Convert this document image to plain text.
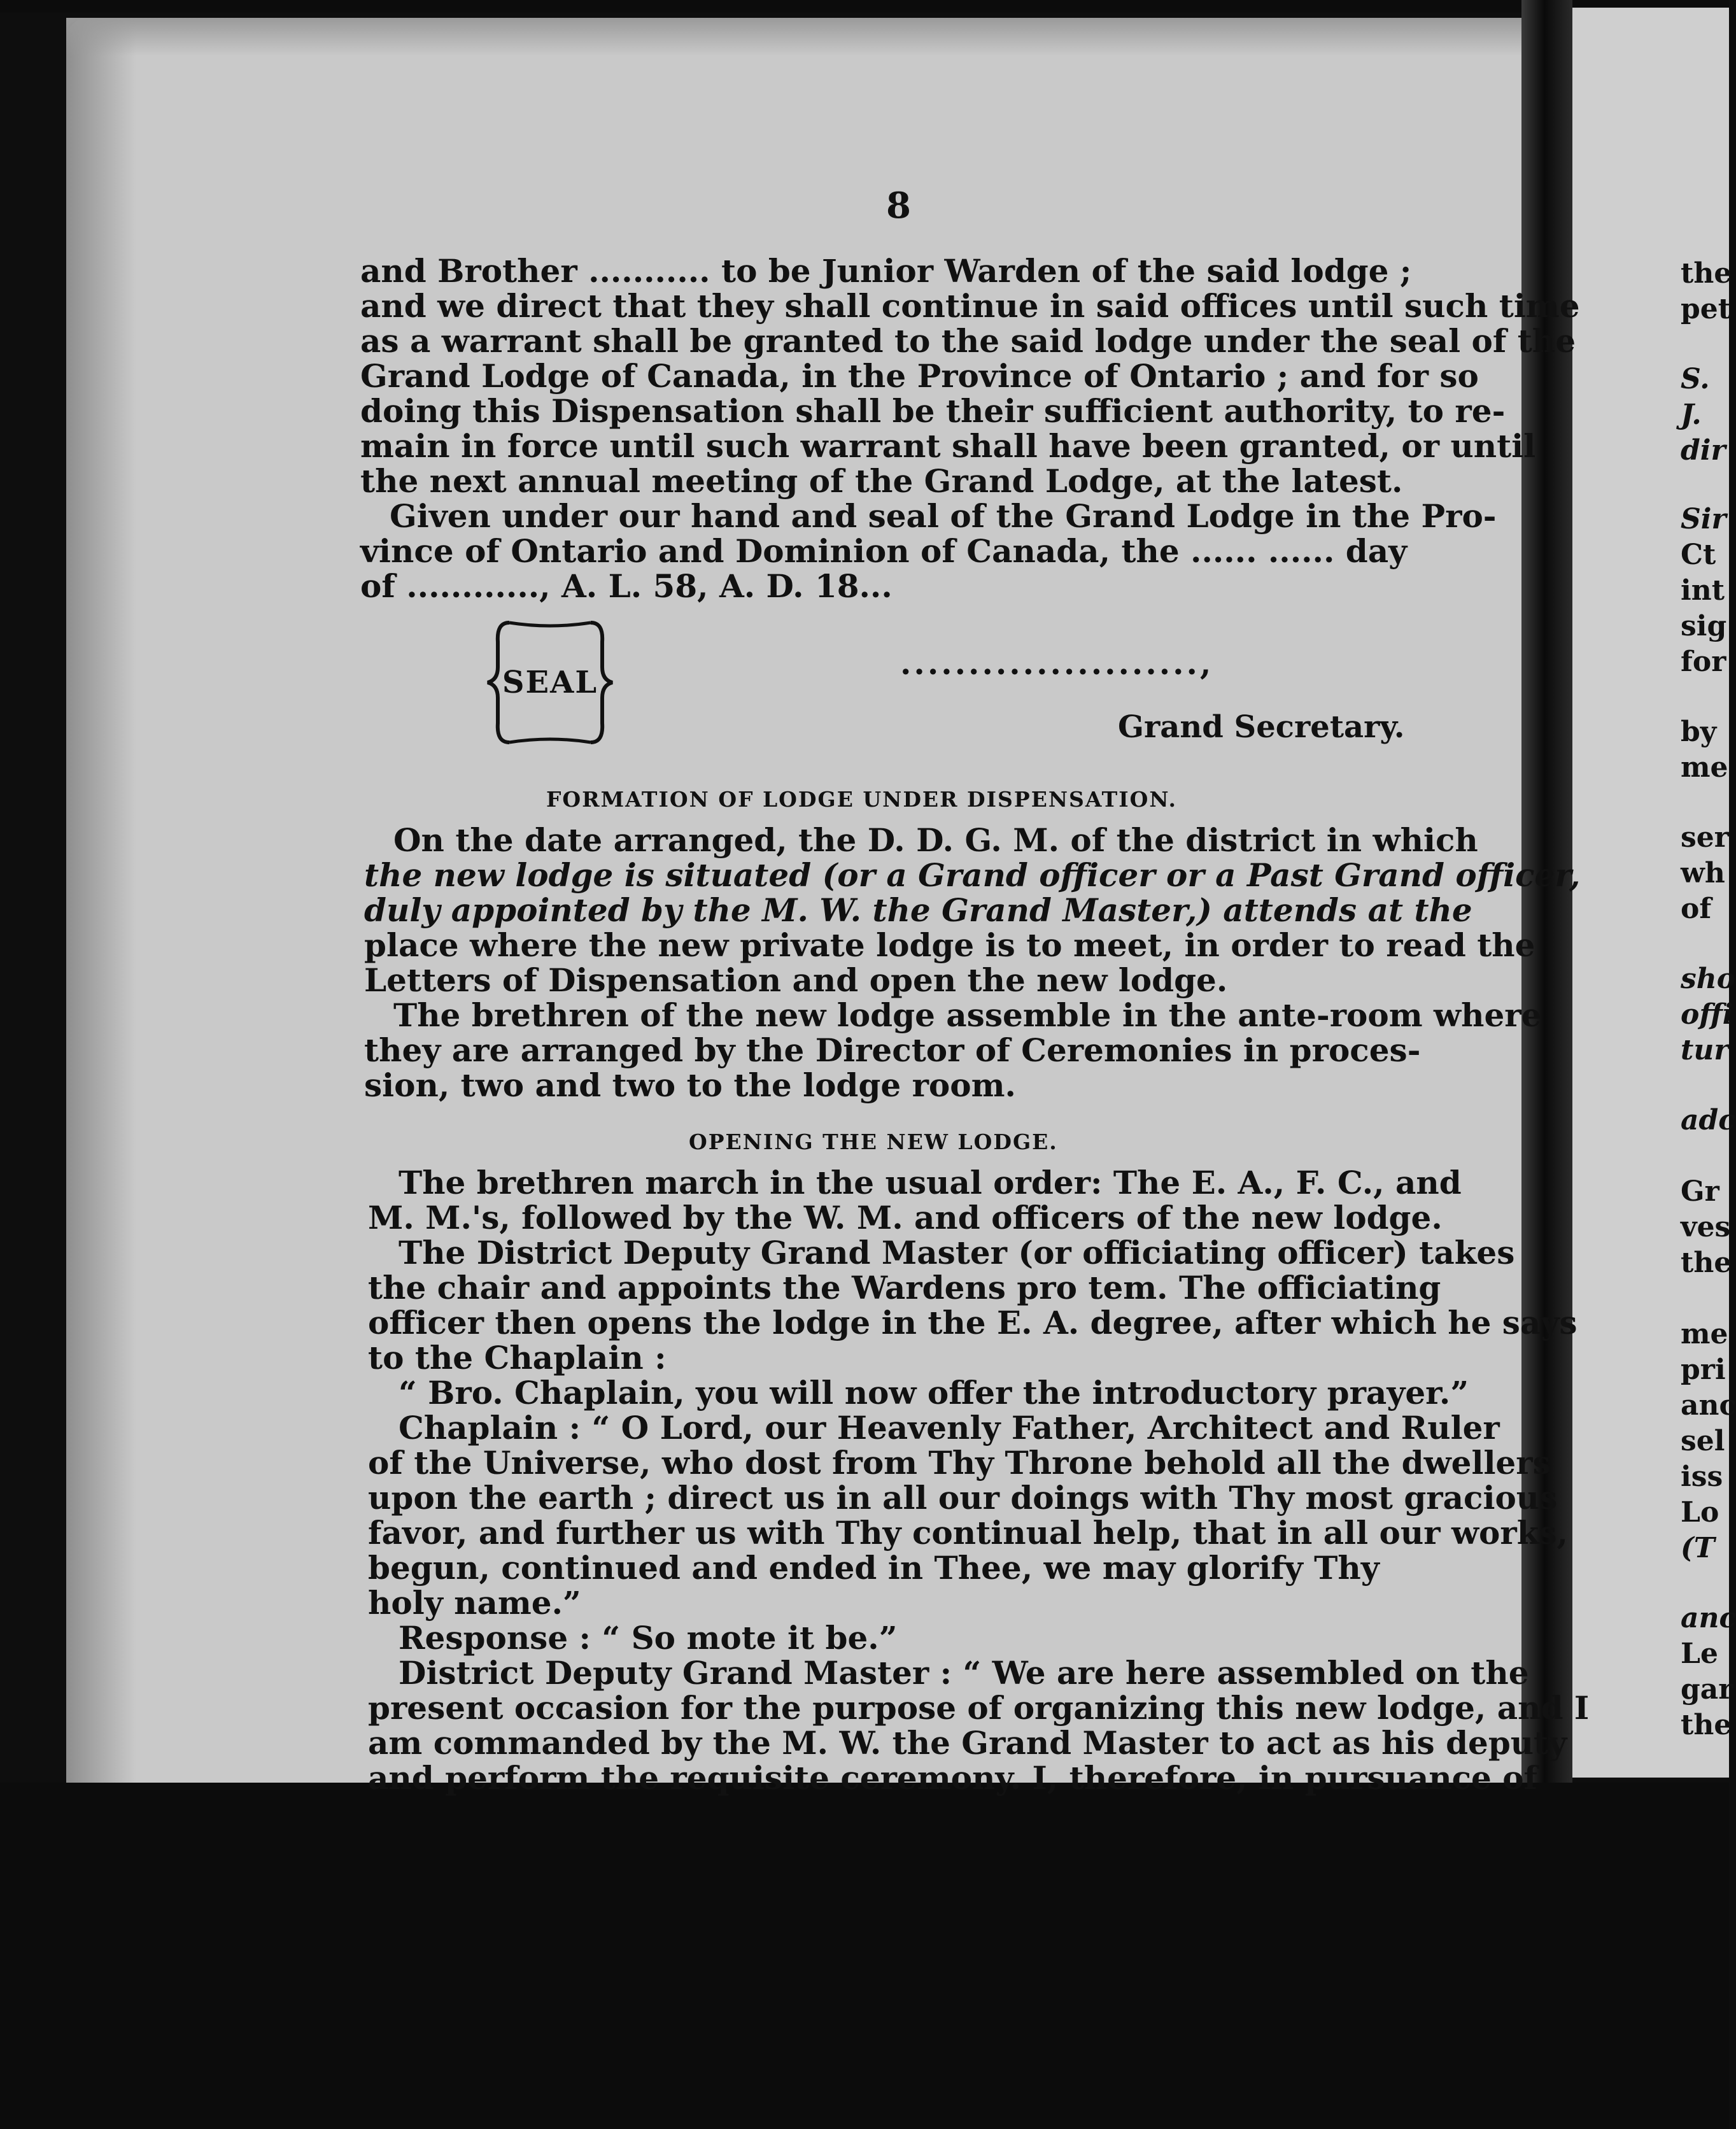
8
and Brother ........... to be Junior Warden of the said lodge ;
and we direct that they shall continue in said offices until such time
as a warrant shall be granted to the said lodge under the seal of the
Grand Lodge of Canada, in the Province of Ontario ; and for so
doing this Dispensation shall be their sufficient authority, to re-
main in force until such warrant shall have been granted, or until
the next annual meeting of the Grand Lodge, at the latest.
Given under our hand and seal of the Grand Lodge in the Pro-
vince of Ontario and Dominion of Canada, the ...... ...... day
of ............, A. L. 58, A. D. 18...
SEAL
......................,
Grand Secretary.
FORMATION OF LODGE UNDER DISPENSATION.
On the date arranged, the D. D. G. M. of the district in which
the new lodge is situated (or a Grand officer or a Past Grand officer,
duly appointed by the M. W. the Grand Master,) attends at the
place where the new private lodge is to meet, in order to read the
Letters of Dispensation and open the new lodge.
The brethren of the new lodge assemble in the ante-room where
they are arranged by the Director of Ceremonies in proces-
sion, two and two to the lodge room.
OPENING THE NEW LODGE.
The brethren march in the usual order: The E. A., F. C., and
M. M.'s, followed by the W. M. and officers of the new lodge.
The District Deputy Grand Master (or officiating officer) takes
the chair and appoints the Wardens pro tem. The officiating
officer then opens the lodge in the E. A. degree, after which he says
to the Chaplain :
“ Bro. Chaplain, you will now offer the introductory prayer.”
Chaplain : “ O Lord, our Heavenly Father, Architect and Ruler
of the Universe, who dost from Thy Throne behold all the dwellers
upon the earth ; direct us in all our doings with Thy most gracious
favor, and further us with Thy continual help, that in all our works,
begun, continued and ended in Thee, we may glorify Thy
holy name.”
Response : “ So mote it be.”
District Deputy Grand Master : “ We are here assembled on the
present occasion for the purpose of organizing this new lodge, and I
am commanded by the M. W. the Grand Master to act as his deputy
and perform the requisite ceremony. I, therefore, in pursuance of
the
pet
S.
J.
dir
Sir
Ct
int
sig
for
by
me
ser
wh
of
sho
offi
tur
adc
Gr
ves
the
me
pri
anc
sel
iss
Lo
(T
anc
Le
gar
the
